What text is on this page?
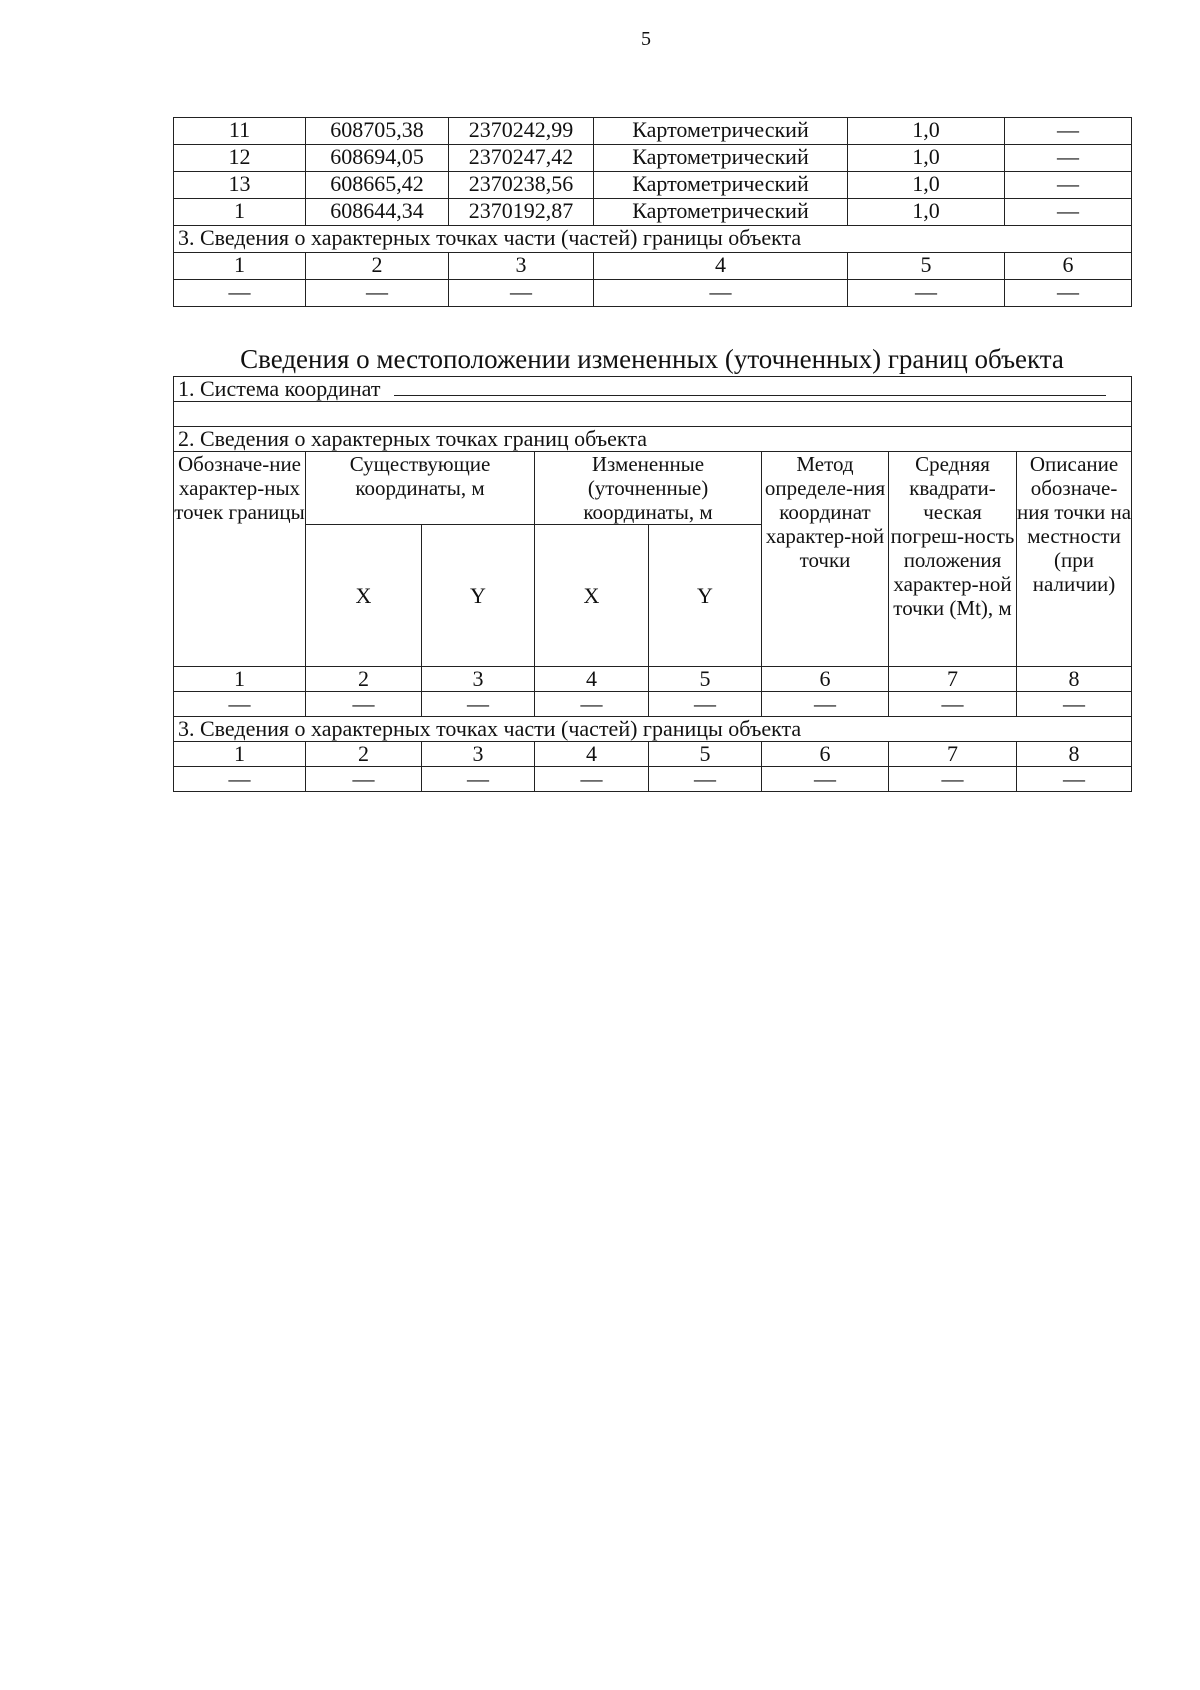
5
11	608705,38	2370242,99	Картометрический	1,0	—
12	608694,05	2370247,42	Картометрический	1,0	—
13	608665,42	2370238,56	Картометрический	1,0	—
1	608644,34	2370192,87	Картометрический	1,0	—
3. Сведения о характерных точках части (частей) границы объекта					
1	2	3	4	5	6
—	—	—	—	—	—
Сведения о местоположении измененных (уточненных) границ объекта
1. Система координат							

2. Сведения о характерных точках границ объекта							
Обозначе-ние характер-ных точек границы	Существующие координаты, м		Измененные (уточненные) координаты, м		Метод определе-ния координат характер-ной точки	Средняя квадрати-ческая погреш-ность положения характер-ной точки (Mt), м	Описание обозначе-ния точки на местности (при наличии)
	X	Y	X	Y			
1	2	3	4	5	6	7	8
—	—	—	—	—	—	—	—
3. Сведения о характерных точках части (частей) границы объекта							
1	2	3	4	5	6	7	8
—	—	—	—	—	—	—	—
